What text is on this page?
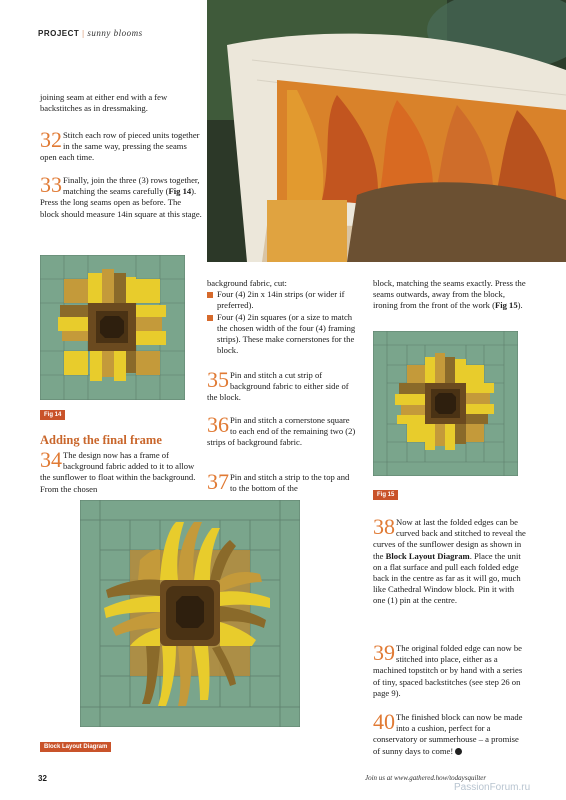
PROJECT | sunny blooms
joining seam at either end with a few backstitches as in dressmaking.
32 Stitch each row of pieced units together in the same way, pressing the seams open each time.
33 Finally, join the three (3) rows together, matching the seams carefully (Fig 14). Press the long seams open as before. The block should measure 14in square at this stage.
Fig 14
Adding the final frame
34 The design now has a frame of background fabric added to it to allow the sunflower to float within the background. From the chosen
background fabric, cut:
Four (4) 2in x 14in strips (or wider if preferred).
Four (4) 2in squares (or a size to match the chosen width of the four (4) framing strips). These make cornerstones for the block.
35 Pin and stitch a cut strip of background fabric to either side of the block.
36 Pin and stitch a cornerstone square to each end of the remaining two (2) strips of background fabric.
37 Pin and stitch a strip to the top and to the bottom of the
block, matching the seams exactly. Press the seams outwards, away from the block, ironing from the front of the work (Fig 15).
Fig 15
Block Layout Diagram
38 Now at last the folded edges can be curved back and stitched to reveal the curves of the sunflower design as shown in the Block Layout Diagram. Place the unit on a flat surface and pull each folded edge back in the centre as far as it will go, much like Cathedral Window block. Pin it with one (1) pin at the centre.
39 The original folded edge can now be stitched into place, either as a machined topstitch or by hand with a series of tiny, spaced backstitches (see step 26 on page 9).
40 The finished block can now be made into a cushion, perfect for a conservatory or summerhouse – a promise of sunny days to come!
32	Join us at www.gathered.how/todaysquilter
PassionForum.ru
